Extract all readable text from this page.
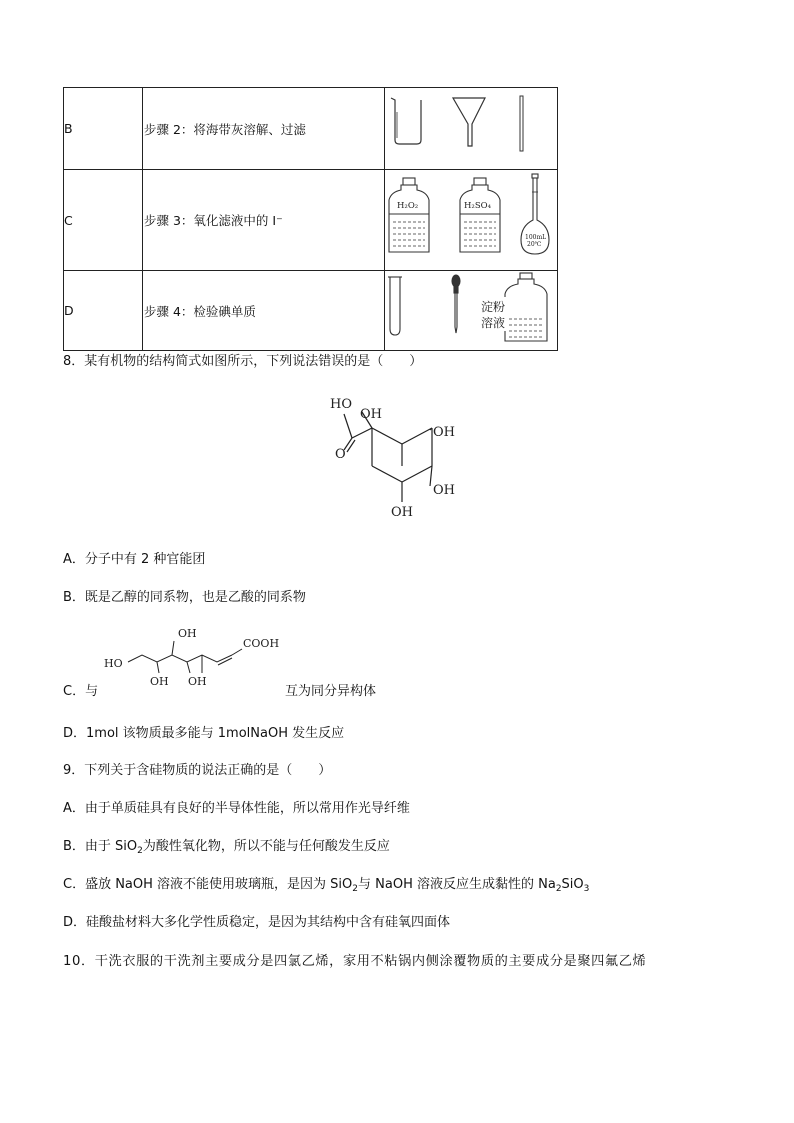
B	步骤 2：将海带灰溶解、过滤	
C	步骤 3：氧化滤液中的 I⁻	H₂O₂ H₂SO₄
100mL
20℃

D	步骤 4：检验碘单质	淀粉
溶液
8．某有机物的结构简式如图所示，下列说法错误的是（　　）
HO
OH
O
OH
OH
OH
A．分子中有 2 种官能团
B．既是乙醇的同系物，也是乙酸的同系物
C．与
OH
HO
OH OH
COOH
互为同分异构体
D．1mol 该物质最多能与 1molNaOH 发生反应
9．下列关于含硅物质的说法正确的是（　　）
A．由于单质硅具有良好的半导体性能，所以常用作光导纤维
B．由于 SiO$_2$为酸性氧化物，所以不能与任何酸发生反应
C．盛放 NaOH 溶液不能使用玻璃瓶，是因为 SiO$_2$与 NaOH 溶液反应生成黏性的 $Na_2SiO_3$
D．硅酸盐材料大多化学性质稳定，是因为其结构中含有硅氧四面体
10．干洗衣服的干洗剂主要成分是四氯乙烯，家用不粘锅内侧涂覆物质的主要成分是聚四氟乙烯
